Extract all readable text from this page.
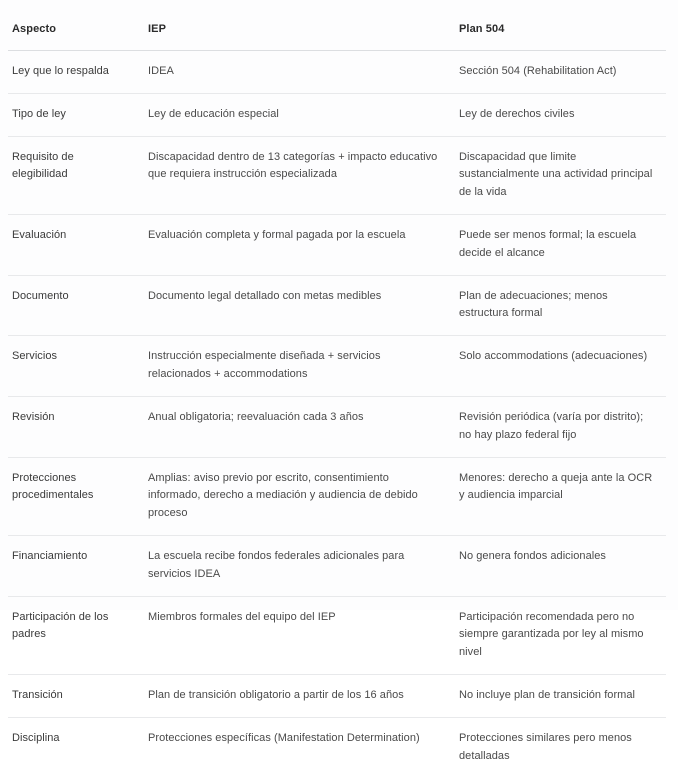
Aspecto	IEP	Plan 504
Ley que lo respalda	IDEA	Sección 504 (Rehabilitation Act)
Tipo de ley	Ley de educación especial	Ley de derechos civiles
Requisito de elegibilidad	Discapacidad dentro de 13 categorías + impacto educativo que requiera instrucción especializada	Discapacidad que limite sustancialmente una actividad principal de la vida
Evaluación	Evaluación completa y formal pagada por la escuela	Puede ser menos formal; la escuela decide el alcance
Documento	Documento legal detallado con metas medibles	Plan de adecuaciones; menos estructura formal
Servicios	Instrucción especialmente diseñada + servicios relacionados + accommodations	Solo accommodations (adecuaciones)
Revisión	Anual obligatoria; reevaluación cada 3 años	Revisión periódica (varía por distrito); no hay plazo federal fijo
Protecciones procedimentales	Amplias: aviso previo por escrito, consentimiento informado, derecho a mediación y audiencia de debido proceso	Menores: derecho a queja ante la OCR y audiencia imparcial
Financiamiento	La escuela recibe fondos federales adicionales para servicios IDEA	No genera fondos adicionales
Participación de los padres	Miembros formales del equipo del IEP	Participación recomendada pero no siempre garantizada por ley al mismo nivel
Transición	Plan de transición obligatorio a partir de los 16 años	No incluye plan de transición formal
Disciplina	Protecciones específicas (Manifestation Determination)	Protecciones similares pero menos detalladas
